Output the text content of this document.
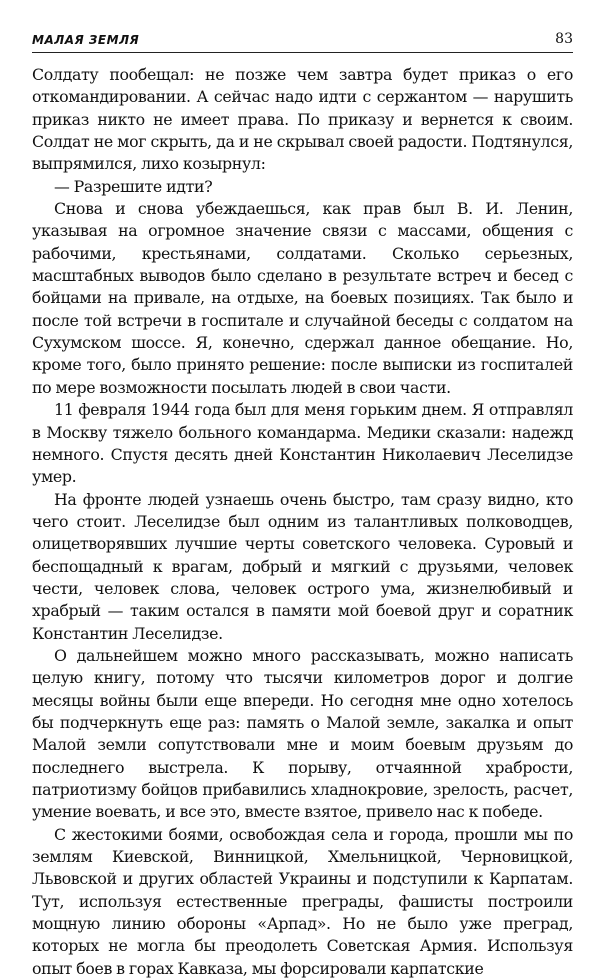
МАЛАЯ ЗЕМЛЯ	83

Солдату пообещал: не позже чем завтра будет приказ о его откомандировании. А сейчас надо идти с сержантом — нарушить приказ никто не имеет права. По приказу и вернется к своим. Солдат не мог скрыть, да и не скрывал своей радости. Подтянулся, выпрямился, лихо козырнул:

— Разрешите идти?

Снова и снова убеждаешься, как прав был В. И. Ленин, указывая на огромное значение связи с массами, общения с рабочими, крестьянами, солдатами. Сколько серьезных, масштабных выводов было сделано в результате встреч и бесед с бойцами на привале, на отдыхе, на боевых позициях. Так было и после той встречи в госпитале и случайной беседы с солдатом на Сухумском шоссе. Я, конечно, сдержал данное обещание. Но, кроме того, было принято решение: после выписки из госпиталей по мере возможности посылать людей в свои части.

11 февраля 1944 года был для меня горьким днем. Я отправлял в Москву тяжело больного командарма. Медики сказали: надежд немного. Спустя десять дней Константин Николаевич Леселидзе умер.

На фронте людей узнаешь очень быстро, там сразу видно, кто чего стоит. Леселидзе был одним из талантливых полководцев, олицетворявших лучшие черты советского человека. Суровый и беспощадный к врагам, добрый и мягкий с друзьями, человек чести, человек слова, человек острого ума, жизнелюбивый и храбрый — таким остался в памяти мой боевой друг и соратник Константин Леселидзе.

О дальнейшем можно много рассказывать, можно написать целую книгу, потому что тысячи километров дорог и долгие месяцы войны были еще впереди. Но сегодня мне одно хотелось бы подчеркнуть еще раз: память о Малой земле, закалка и опыт Малой земли сопутствовали мне и моим боевым друзьям до последнего выстрела. К порыву, отчаянной храбрости, патриотизму бойцов прибавились хладнокровие, зрелость, расчет, умение воевать, и все это, вместе взятое, привело нас к победе.

С жестокими боями, освобождая села и города, прошли мы по землям Киевской, Винницкой, Хмельницкой, Черновицкой, Львовской и других областей Украины и подступили к Карпатам. Тут, используя естественные преграды, фашисты построили мощную линию обороны «Арпад». Но не было уже преград, которых не могла бы преодолеть Советская Армия. Используя опыт боев в горах Кавказа, мы форсировали карпатские
